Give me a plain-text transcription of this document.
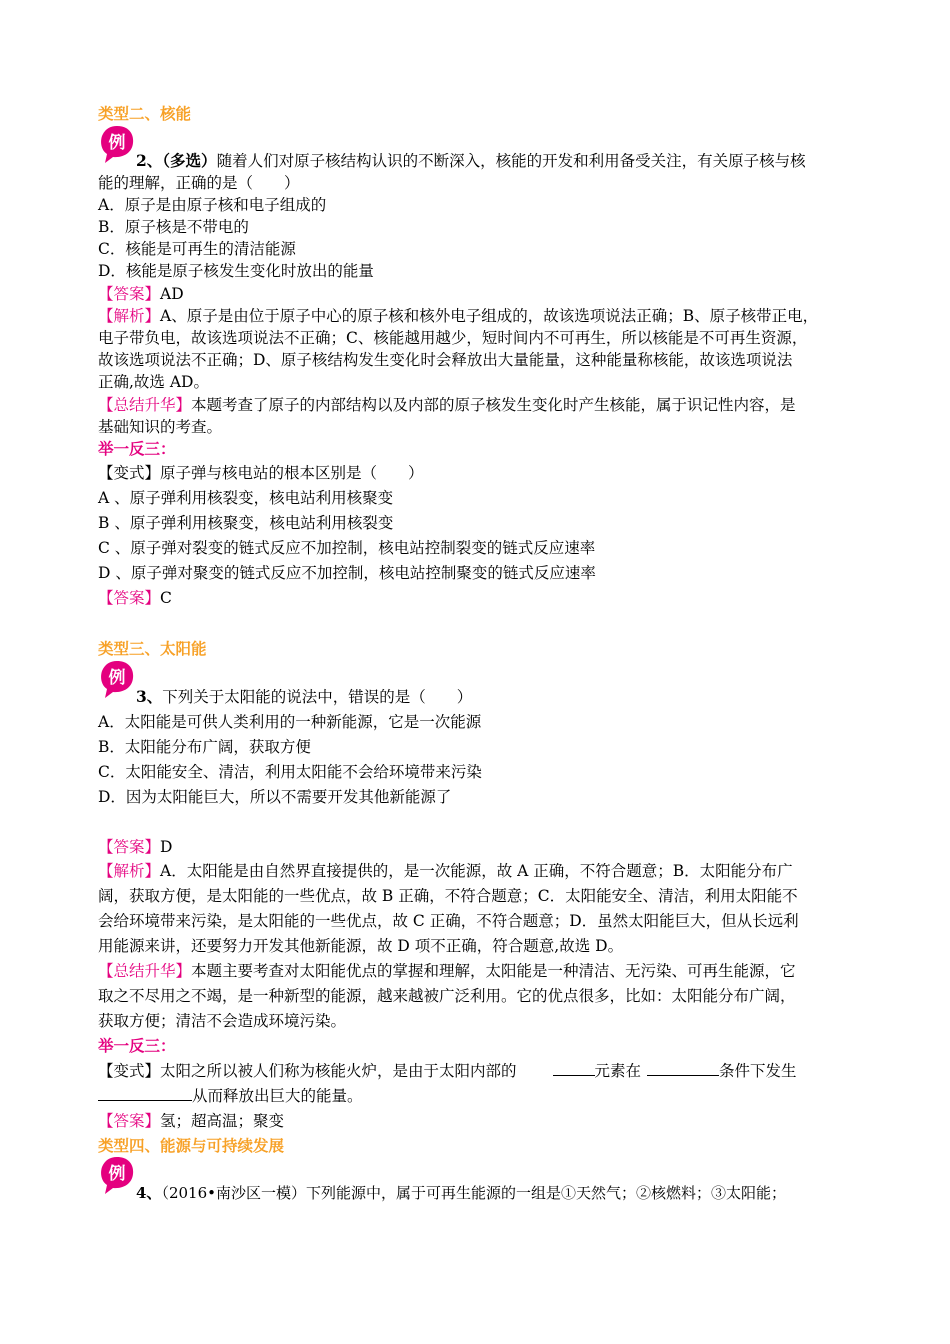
类型二、核能
例
2、（多选）随着人们对原子核结构认识的不断深入，核能的开发和利用备受关注，有关原子核与核
能的理解，正确的是（　　）
A．原子是由原子核和电子组成的
B．原子核是不带电的
C．核能是可再生的清洁能源
D．核能是原子核发生变化时放出的能量
【答案】AD
【解析】A、原子是由位于原子中心的原子核和核外电子组成的，故该选项说法正确；B、原子核带正电，
电子带负电，故该选项说法不正确；C、核能越用越少，短时间内不可再生，所以核能是不可再生资源，
故该选项说法不正确；D、原子核结构发生变化时会释放出大量能量，这种能量称核能，故该选项说法
正确,故选 AD。
【总结升华】本题考查了原子的内部结构以及内部的原子核发生变化时产生核能，属于识记性内容，是
基础知识的考查。
举一反三：
【变式】原子弹与核电站的根本区别是（　　）
A 、原子弹利用核裂变，核电站利用核聚变
B 、原子弹利用核聚变，核电站利用核裂变
C 、原子弹对裂变的链式反应不加控制，核电站控制裂变的链式反应速率
D 、原子弹对聚变的链式反应不加控制，核电站控制聚变的链式反应速率
【答案】C
类型三、太阳能
例
3、下列关于太阳能的说法中，错误的是（　　）
A．太阳能是可供人类利用的一种新能源，它是一次能源
B．太阳能分布广阔，获取方便
C．太阳能安全、清洁，利用太阳能不会给环境带来污染
D．因为太阳能巨大，所以不需要开发其他新能源了
【答案】D
【解析】A．太阳能是由自然界直接提供的，是一次能源，故 A 正确，不符合题意；B．太阳能分布广
阔，获取方便，是太阳能的一些优点，故 B 正确，不符合题意；C．太阳能安全、清洁，利用太阳能不
会给环境带来污染，是太阳能的一些优点，故 C 正确，不符合题意；D．虽然太阳能巨大，但从长远利
用能源来讲，还要努力开发其他新能源，故 D 项不正确，符合题意,故选 D。
【总结升华】本题主要考查对太阳能优点的掌握和理解，太阳能是一种清洁、无污染、可再生能源，它
取之不尽用之不竭，是一种新型的能源，越来越被广泛利用。它的优点很多，比如：太阳能分布广阔，
获取方便；清洁不会造成环境污染。
举一反三：
【变式】太阳之所以被人们称为核能火炉，是由于太阳内部的	元素在	条件下发生
从而释放出巨大的能量。
【答案】氢；超高温；聚变
类型四、能源与可持续发展
例
4、（2016•南沙区一模）下列能源中，属于可再生能源的一组是①天然气；②核燃料；③太阳能；
